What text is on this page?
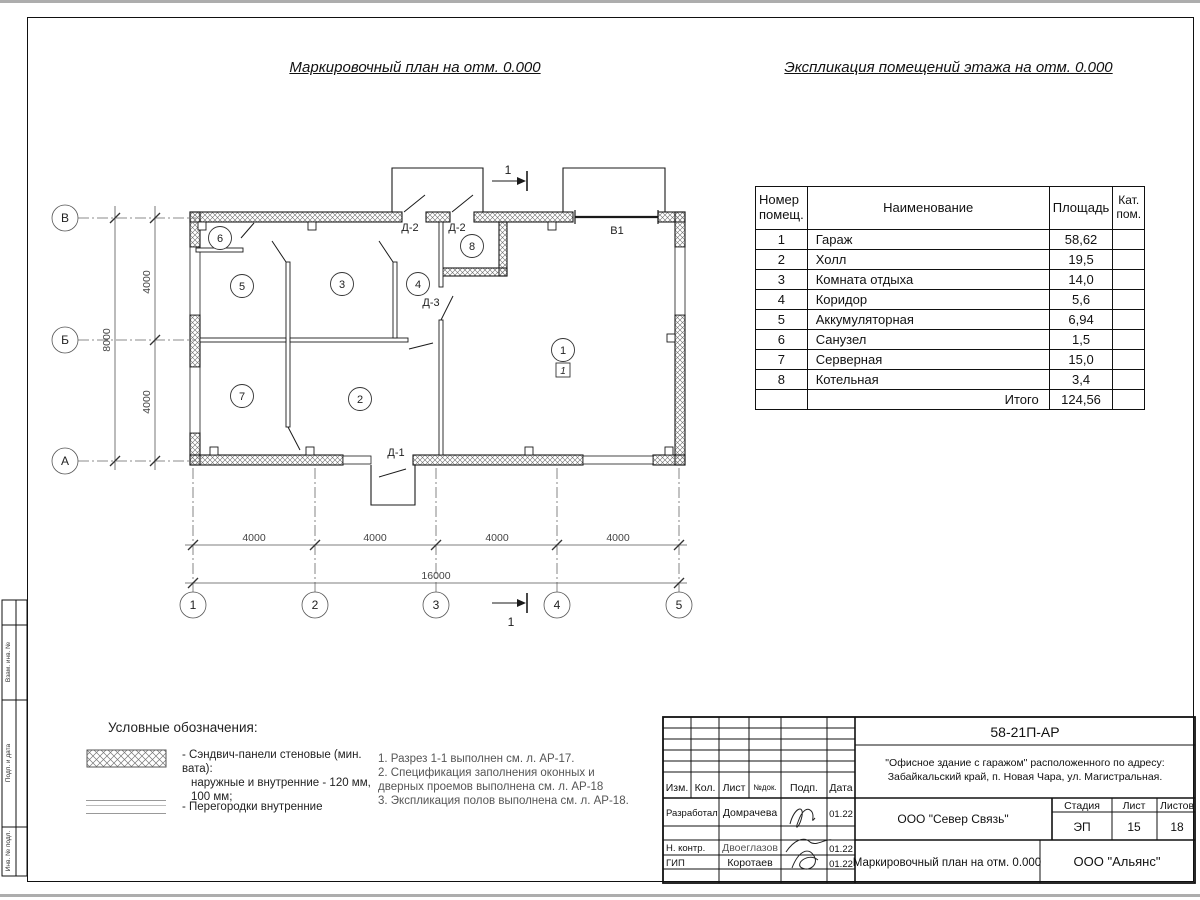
Маркировочный план на отм. 0.000	Экспликация помещений этажа на отм. 0.000
В
Б
А
1	2	3	4	5
4000
4000
8000
4000	4000	4000	4000
16000
1
2
3	4
5
6
7
8
1
Д-2	Д-2
Д-3
Д-1
В1
1
1
Взам. инв. №
Подп. и дата
Инв. № подл.
58-21П-АР
"Офисное здание с гаражом" расположенного по адресу:
Забайкальский край, п. Новая Чара, ул. Магистральная.
Изм. Кол. Лист №док. Подп. Дата
Разработал Домрачева	01.22
Н. контр. Двоеглазов	01.22
ГИП	Коротаев	01.22
ООО "Север Связь"
Стадия Лист Листов
ЭП	15 18
Маркировочный план на отм. 0.000 ООО "Альянс"
Номер помещ.	Наименование	Площадь	Кат. пом.
1	Гараж	58,62	
2	Холл	19,5	
3	Комната отдыха	14,0	
4	Коридор	5,6	
5	Аккумуляторная	6,94	
6	Санузел	1,5	
7	Серверная	15,0	
8	Котельная	3,4	
	Итого	124,56	
Условные обозначения:
- Сэндвич-панели стеновые (мин. вата):
наружные и внутренние - 120 мм, 100 мм;
- Перегородки внутренние
1. Разрез 1-1 выполнен см. л. АР-17.
2. Спецификация заполнения оконных и дверных проемов выполнена см. л. АР-18
3. Экспликация полов выполнена см. л. АР-18.
